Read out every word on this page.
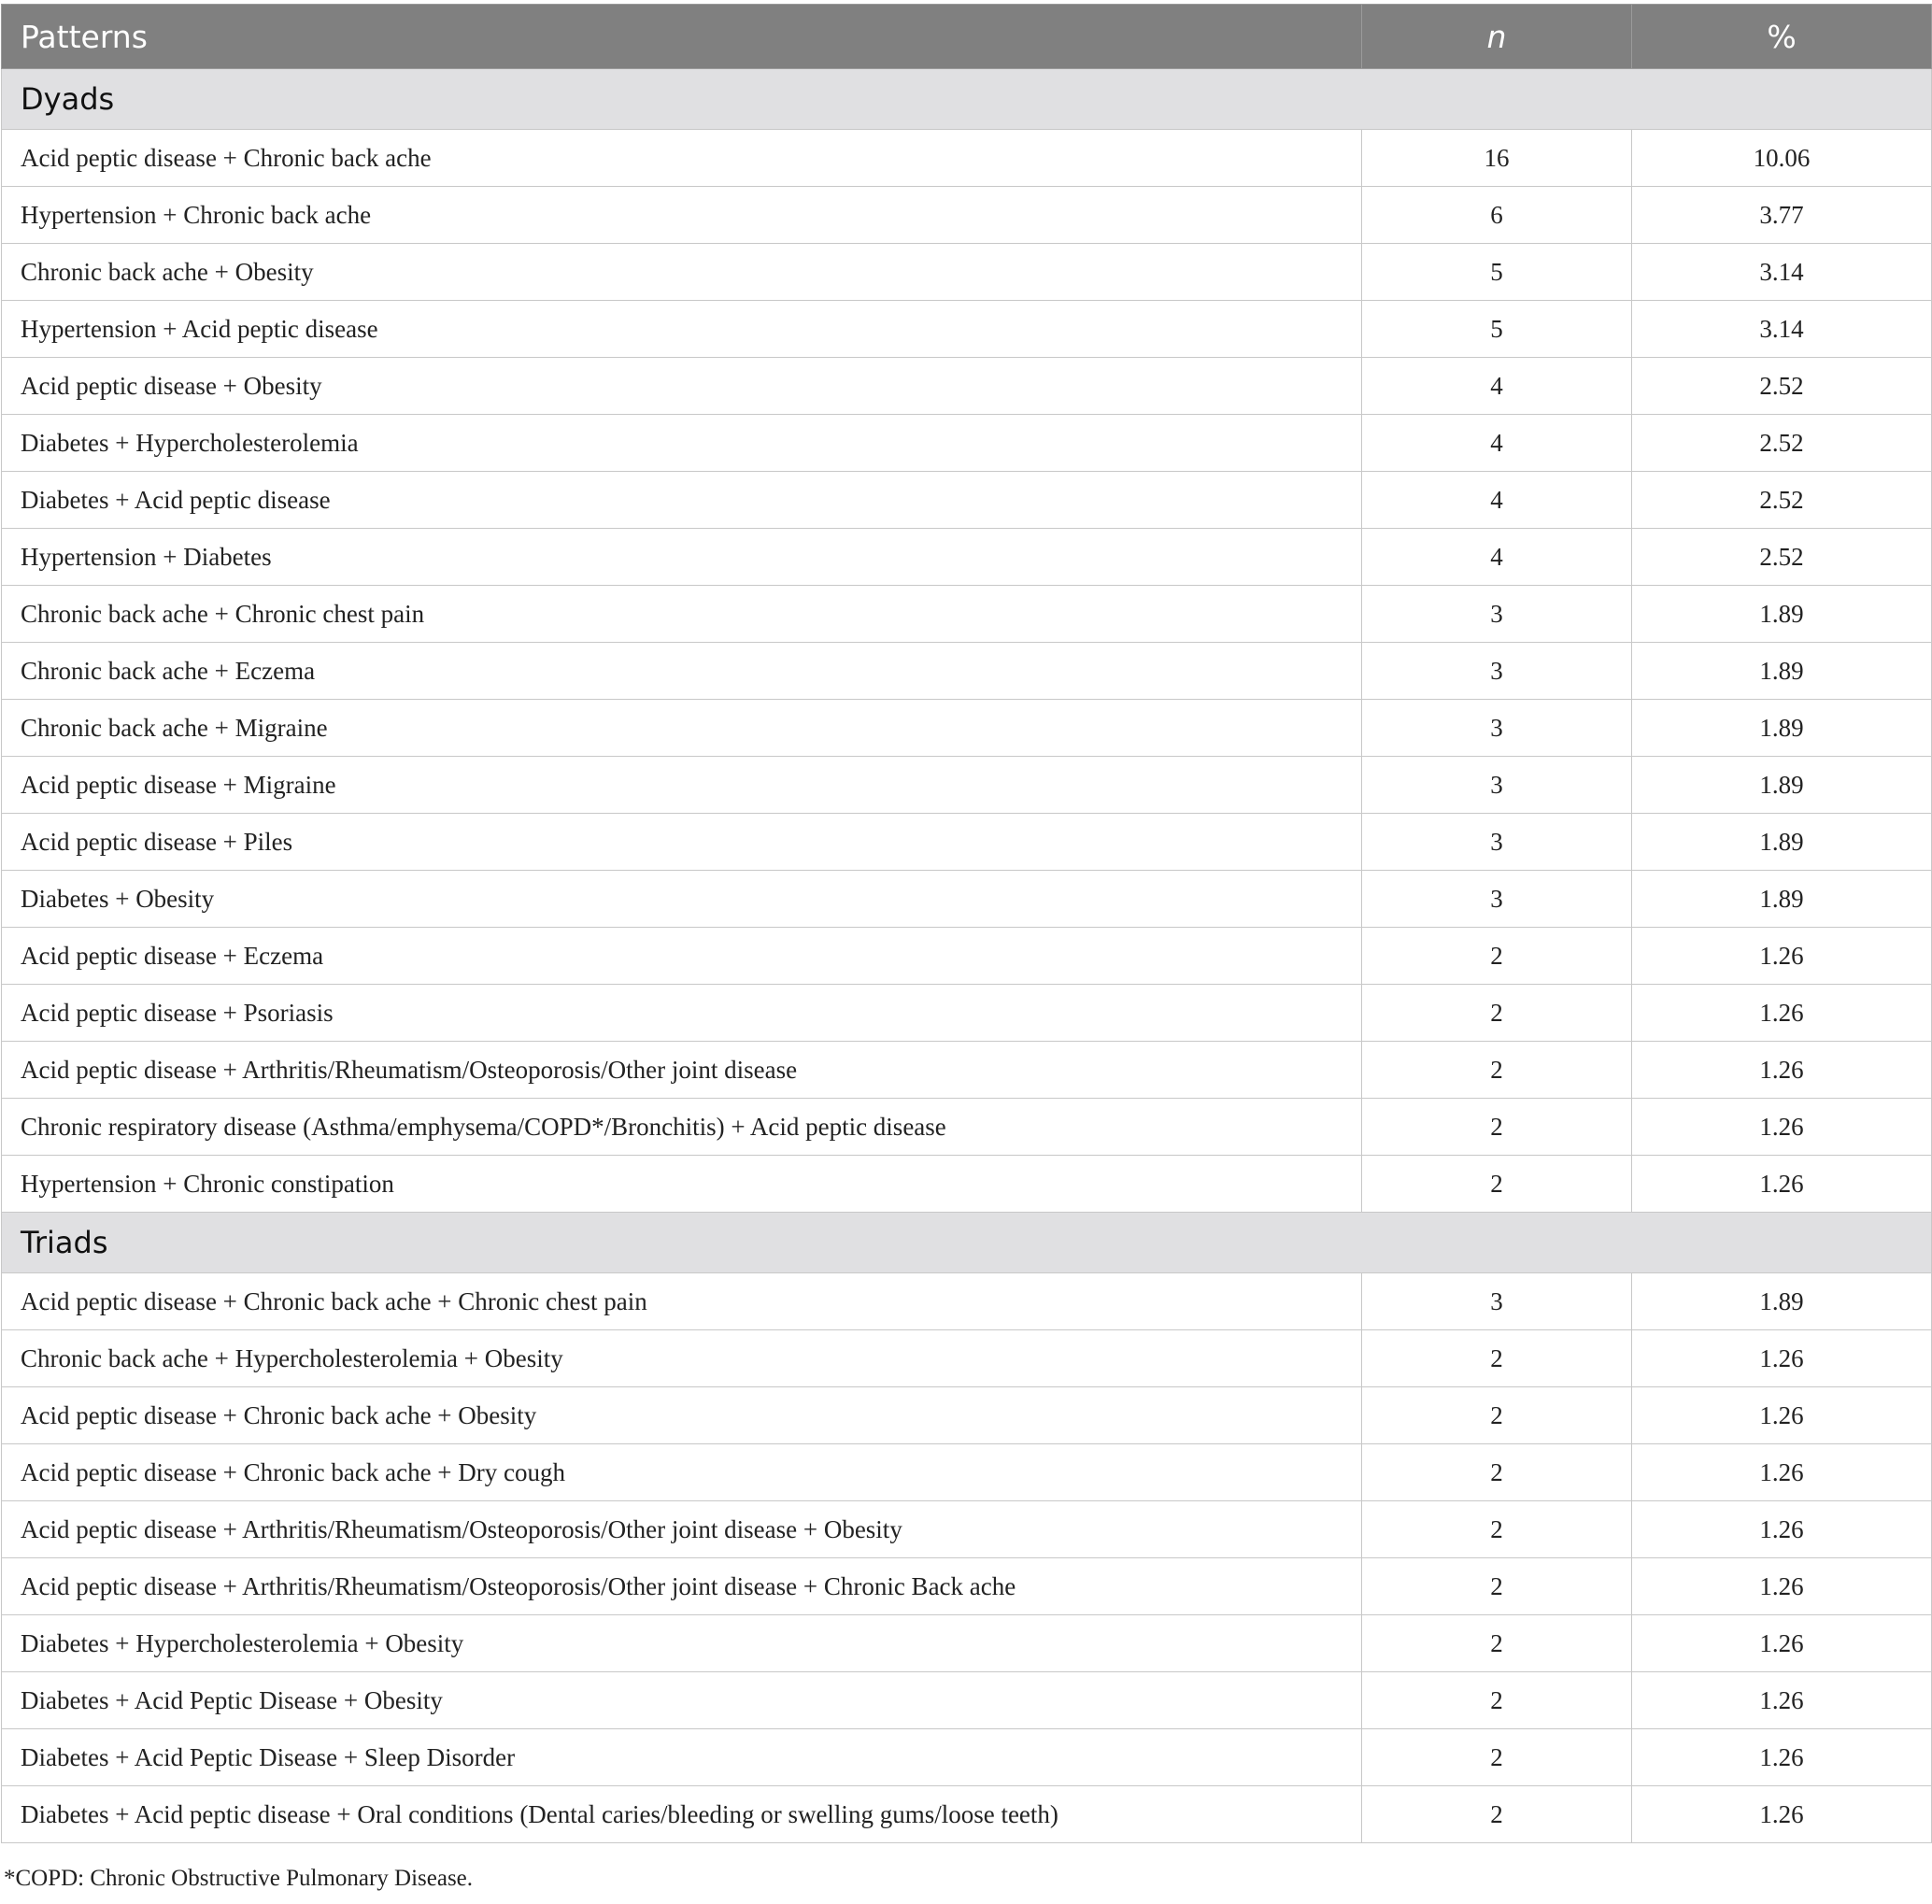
Patterns	n	%
Dyads		
Acid peptic disease + Chronic back ache	16	10.06
Hypertension + Chronic back ache	6	3.77
Chronic back ache + Obesity	5	3.14
Hypertension + Acid peptic disease	5	3.14
Acid peptic disease + Obesity	4	2.52
Diabetes + Hypercholesterolemia	4	2.52
Diabetes + Acid peptic disease	4	2.52
Hypertension + Diabetes	4	2.52
Chronic back ache + Chronic chest pain	3	1.89
Chronic back ache + Eczema	3	1.89
Chronic back ache + Migraine	3	1.89
Acid peptic disease + Migraine	3	1.89
Acid peptic disease + Piles	3	1.89
Diabetes + Obesity	3	1.89
Acid peptic disease + Eczema	2	1.26
Acid peptic disease + Psoriasis	2	1.26
Acid peptic disease + Arthritis/Rheumatism/Osteoporosis/Other joint disease	2	1.26
Chronic respiratory disease (Asthma/emphysema/COPD*/Bronchitis) + Acid peptic disease	2	1.26
Hypertension + Chronic constipation	2	1.26
Triads		
Acid peptic disease + Chronic back ache + Chronic chest pain	3	1.89
Chronic back ache + Hypercholesterolemia + Obesity	2	1.26
Acid peptic disease + Chronic back ache + Obesity	2	1.26
Acid peptic disease + Chronic back ache + Dry cough	2	1.26
Acid peptic disease + Arthritis/Rheumatism/Osteoporosis/Other joint disease + Obesity	2	1.26
Acid peptic disease + Arthritis/Rheumatism/Osteoporosis/Other joint disease + Chronic Back ache	2	1.26
Diabetes + Hypercholesterolemia + Obesity	2	1.26
Diabetes + Acid Peptic Disease + Obesity	2	1.26
Diabetes + Acid Peptic Disease + Sleep Disorder	2	1.26
Diabetes + Acid peptic disease + Oral conditions (Dental caries/bleeding or swelling gums/loose teeth)	2	1.26
*COPD: Chronic Obstructive Pulmonary Disease.
